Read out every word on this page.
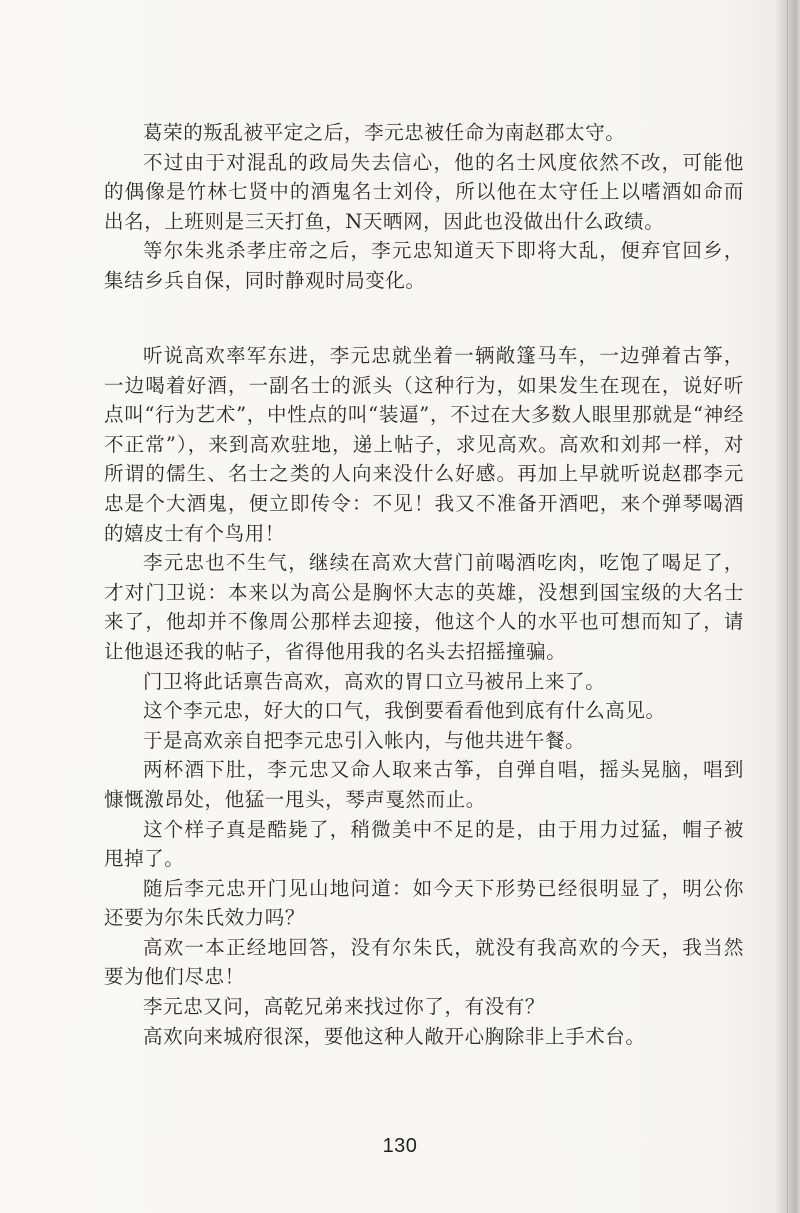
葛荣的叛乱被平定之后，李元忠被任命为南赵郡太守。

不过由于对混乱的政局失去信心，他的名士风度依然不改，可能他的偶像是竹林七贤中的酒鬼名士刘伶，所以他在太守任上以嗜酒如命而出名，上班则是三天打鱼，N天晒网，因此也没做出什么政绩。

等尔朱兆杀孝庄帝之后，李元忠知道天下即将大乱，便弃官回乡，集结乡兵自保，同时静观时局变化。

听说高欢率军东进，李元忠就坐着一辆敞篷马车，一边弹着古筝，一边喝着好酒，一副名士的派头（这种行为，如果发生在现在，说好听点叫“行为艺术”，中性点的叫“装逼”，不过在大多数人眼里那就是“神经不正常”），来到高欢驻地，递上帖子，求见高欢。高欢和刘邦一样，对所谓的儒生、名士之类的人向来没什么好感。再加上早就听说赵郡李元忠是个大酒鬼，便立即传令：不见！我又不准备开酒吧，来个弹琴喝酒的嬉皮士有个鸟用！

李元忠也不生气，继续在高欢大营门前喝酒吃肉，吃饱了喝足了，才对门卫说：本来以为高公是胸怀大志的英雄，没想到国宝级的大名士来了，他却并不像周公那样去迎接，他这个人的水平也可想而知了，请让他退还我的帖子，省得他用我的名头去招摇撞骗。

门卫将此话禀告高欢，高欢的胃口立马被吊上来了。

这个李元忠，好大的口气，我倒要看看他到底有什么高见。

于是高欢亲自把李元忠引入帐内，与他共进午餐。

两杯酒下肚，李元忠又命人取来古筝，自弹自唱，摇头晃脑，唱到慷慨激昂处，他猛一甩头，琴声戛然而止。

这个样子真是酷毙了，稍微美中不足的是，由于用力过猛，帽子被甩掉了。

随后李元忠开门见山地问道：如今天下形势已经很明显了，明公你还要为尔朱氏效力吗？

高欢一本正经地回答，没有尔朱氏，就没有我高欢的今天，我当然要为他们尽忠！

李元忠又问，高乾兄弟来找过你了，有没有？

高欢向来城府很深，要他这种人敞开心胸除非上手术台。

130
